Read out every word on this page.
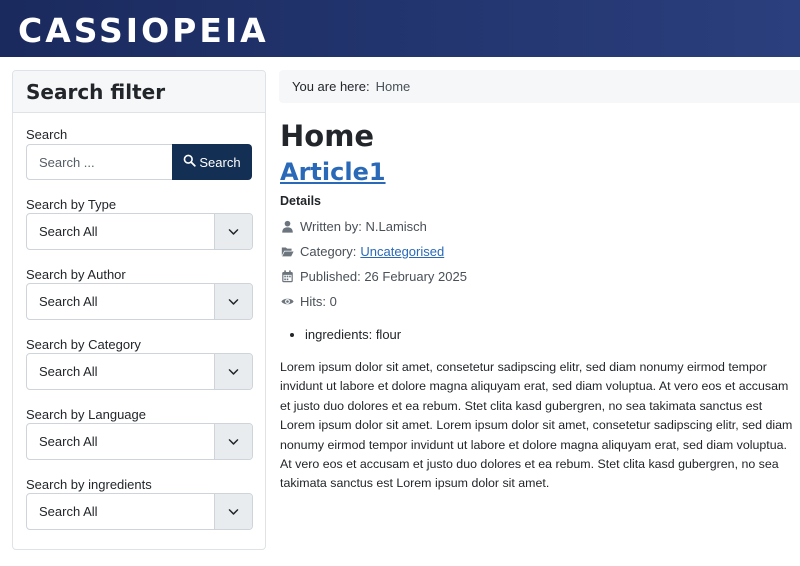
CASSIOPEIA
Search filter
Search
Search ...
Search
Search by Type
Search All
Search by Author
Search All
Search by Category
Search All
Search by Language
Search All
Search by ingredients
Search All
You are here: Home
Home
Article1
Details
Written by: N.Lamisch
Category: Uncategorised
Published: 26 February 2025
Hits: 0
• ingredients: flour

Lorem ipsum dolor sit amet, consetetur sadipscing elitr, sed diam nonumy eirmod tempor invidunt ut labore et dolore magna aliquyam erat, sed diam voluptua. At vero eos et accusam et justo duo dolores et ea rebum. Stet clita kasd gubergren, no sea takimata sanctus est Lorem ipsum dolor sit amet. Lorem ipsum dolor sit amet, consetetur sadipscing elitr, sed diam nonumy eirmod tempor invidunt ut labore et dolore magna aliquyam erat, sed diam voluptua. At vero eos et accusam et justo duo dolores et ea rebum. Stet clita kasd gubergren, no sea takimata sanctus est Lorem ipsum dolor sit amet.
